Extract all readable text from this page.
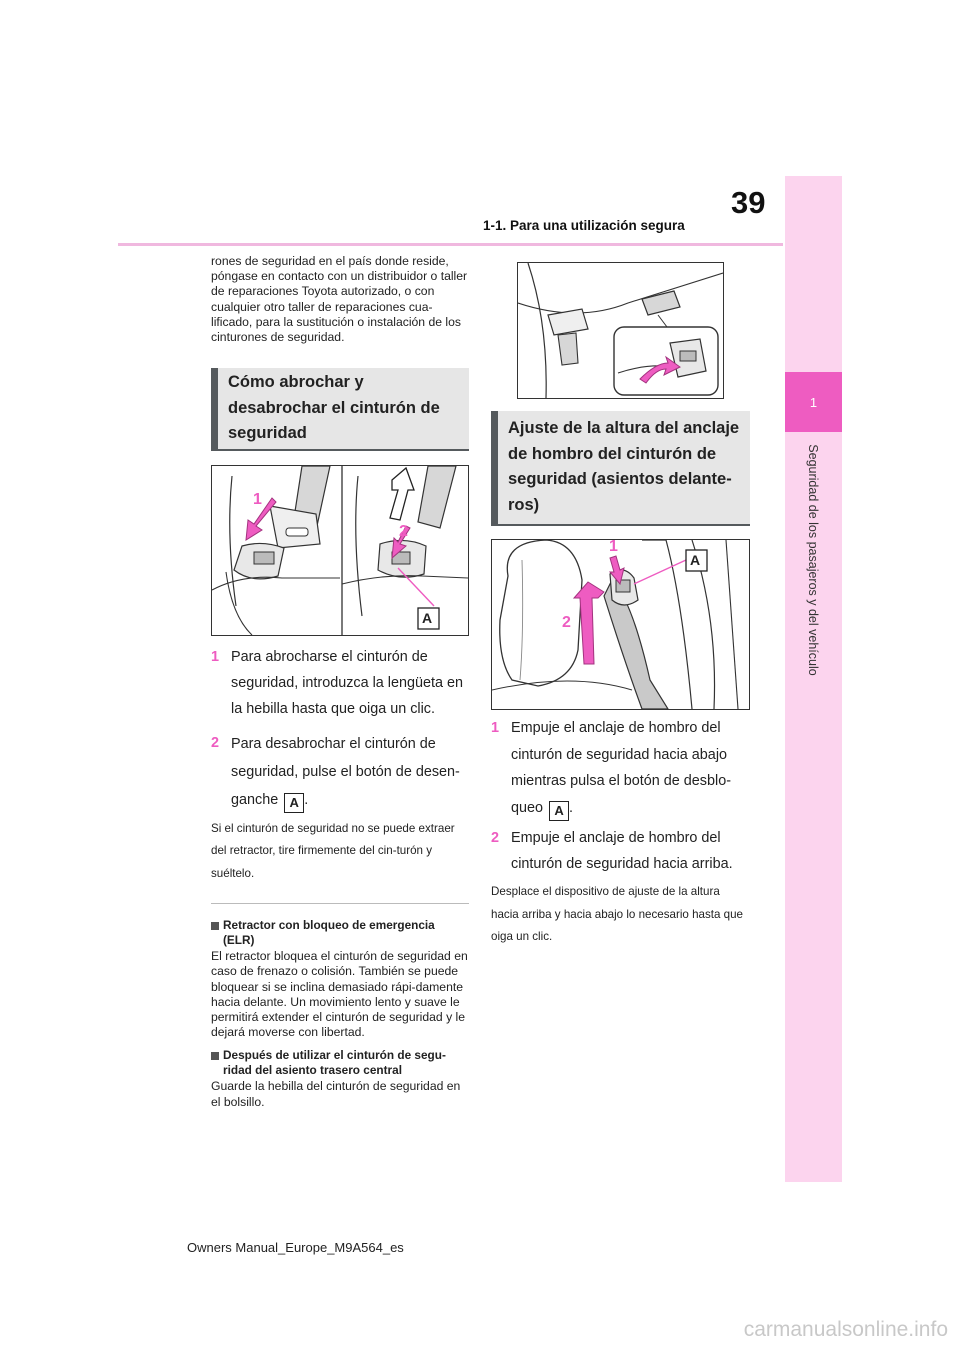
39
1-1. Para una utilización segura
1
Seguridad de los pasajeros y del vehículo

rones de seguridad en el país donde reside, póngase en contacto con un distribuidor o taller de reparaciones Toyota autorizado, o con cualquier otro taller de reparaciones cua-lificado, para la sustitución o instalación de los cinturones de seguridad.

Cómo abrochar y desabrochar el cinturón de seguridad
1
2
A
1 Para abrocharse el cinturón de seguridad, introduzca la lengüeta en la hebilla hasta que oiga un clic.
2 Para desabrochar el cinturón de seguridad, pulse el botón de desen-ganche A .

Si el cinturón de seguridad no se puede extraer del retractor, tire firmemente del cin-turón y suéltelo.

Retractor con bloqueo de emergencia (ELR)

El retractor bloquea el cinturón de seguridad en caso de frenazo o colisión. También se puede bloquear si se inclina demasiado rápi-damente hacia delante. Un movimiento lento y suave le permitirá extender el cinturón de seguridad y le dejará moverse con libertad.

Después de utilizar el cinturón de segu-ridad del asiento trasero central

Guarde la hebilla del cinturón de seguridad en el bolsillo.

Ajuste de la altura del anclaje de hombro del cinturón de seguridad (asientos delante-ros)
1
2
A
1 Empuje el anclaje de hombro del cinturón de seguridad hacia abajo mientras pulsa el botón de desblo-queo A .
2 Empuje el anclaje de hombro del cinturón de seguridad hacia arriba.

Desplace el dispositivo de ajuste de la altura hacia arriba y hacia abajo lo necesario hasta que oiga un clic.

Owners Manual_Europe_M9A564_es
carmanualsonline.info
